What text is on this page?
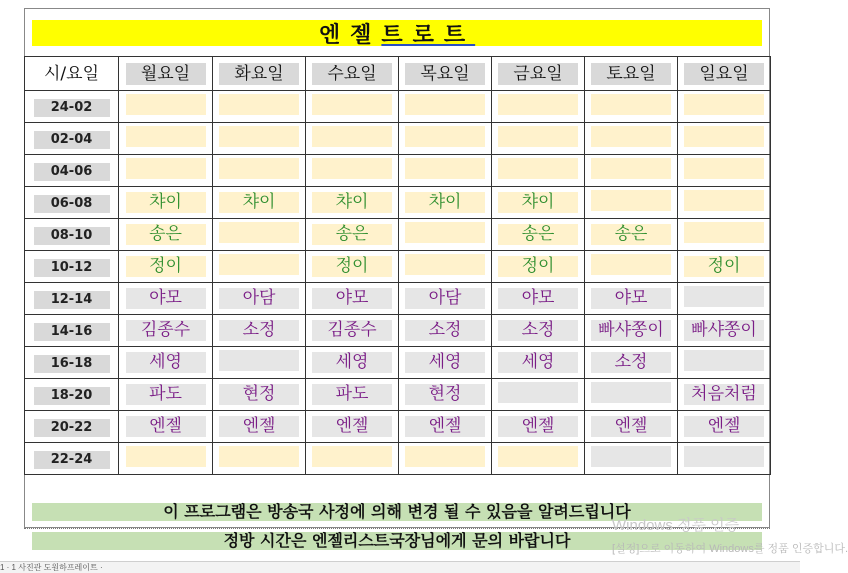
엔젤트로트
시/요일	월요일	화요일	수요일	목요일	금요일	토요일	일요일
24-02							
02-04							
04-06							
06-08	챠이	챠이	챠이	챠이	챠이		
08-10	송은		송은		송은	송은	
10-12	정이		정이		정이		정이
12-14	야모	아담	야모	아담	야모	야모	
14-16	김종수	소정	김종수	소정	소정	빠샤쫑이	빠샤쫑이
16-18	세영		세영	세영	세영	소정	
18-20	파도	현정	파도	현정			처음처럼
20-22	엔젤	엔젤	엔젤	엔젤	엔젤	엔젤	엔젤
22-24							
이 프로그램은 방송국 사정에 의해 변경 될 수 있음을 알려드립니다
정방 시간은 엔젤리스트국장님에게 문의 바랍니다
Windows 정품 인증
[설정]으로 이동하여 Windows를 정품 인증합니다.
1 · 1 사진관 도원하프레이트 ·
